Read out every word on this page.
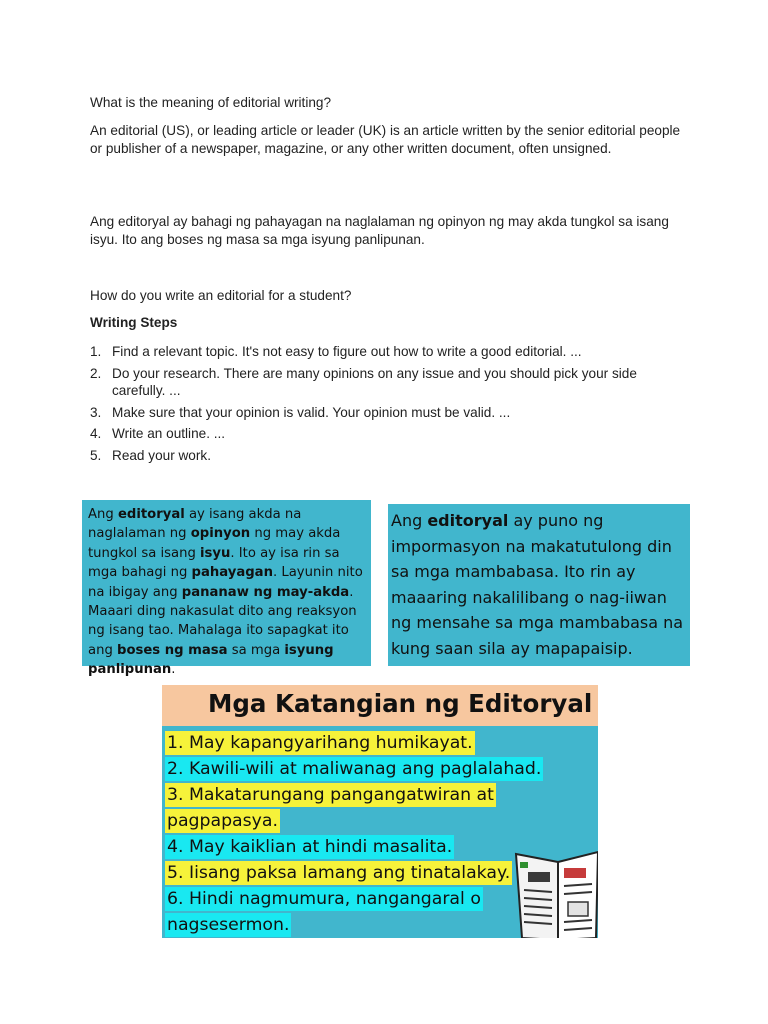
What is the meaning of editorial writing?

An editorial (US), or leading article or leader (UK) is an article written by the senior editorial people or publisher of a newspaper, magazine, or any other written document, often unsigned.

Ang editoryal ay bahagi ng pahayagan na naglalaman ng opinyon ng may akda tungkol sa isang isyu. Ito ang boses ng masa sa mga isyung panlipunan.

How do you write an editorial for a student?

Writing Steps
1. Find a relevant topic. It's not easy to figure out how to write a good editorial. ...
2. Do your research. There are many opinions on any issue and you should pick your side carefully. ...
3. Make sure that your opinion is valid. Your opinion must be valid. ...
4. Write an outline. ...
5. Read your work.
Ang editoryal ay isang akda na naglalaman ng opinyon ng may akda tungkol sa isang isyu. Ito ay isa rin sa mga bahagi ng pahayagan. Layunin nito na ibigay ang pananaw ng may-akda. Maaari ding nakasulat dito ang reaksyon ng isang tao. Mahalaga ito sapagkat ito ang boses ng masa sa mga isyung panlipunan.
Ang editoryal ay puno ng impormasyon na makatutulong din sa mga mambabasa. Ito rin ay maaaring nakalilibang o nag-iiwan ng mensahe sa mga mambabasa na kung saan sila ay mapapaisip.
Mga Katangian ng Editoryal
1. May kapangyarihang humikayat.
2. Kawili-wili at maliwanag ang paglalahad.
3. Makatarungang pangangatwiran at
pagpapasya.
4. May kaiklian at hindi masalita.
5. Iisang paksa lamang ang tinatalakay.
6. Hindi nagmumura, nangangaral o
nagsesermon.
